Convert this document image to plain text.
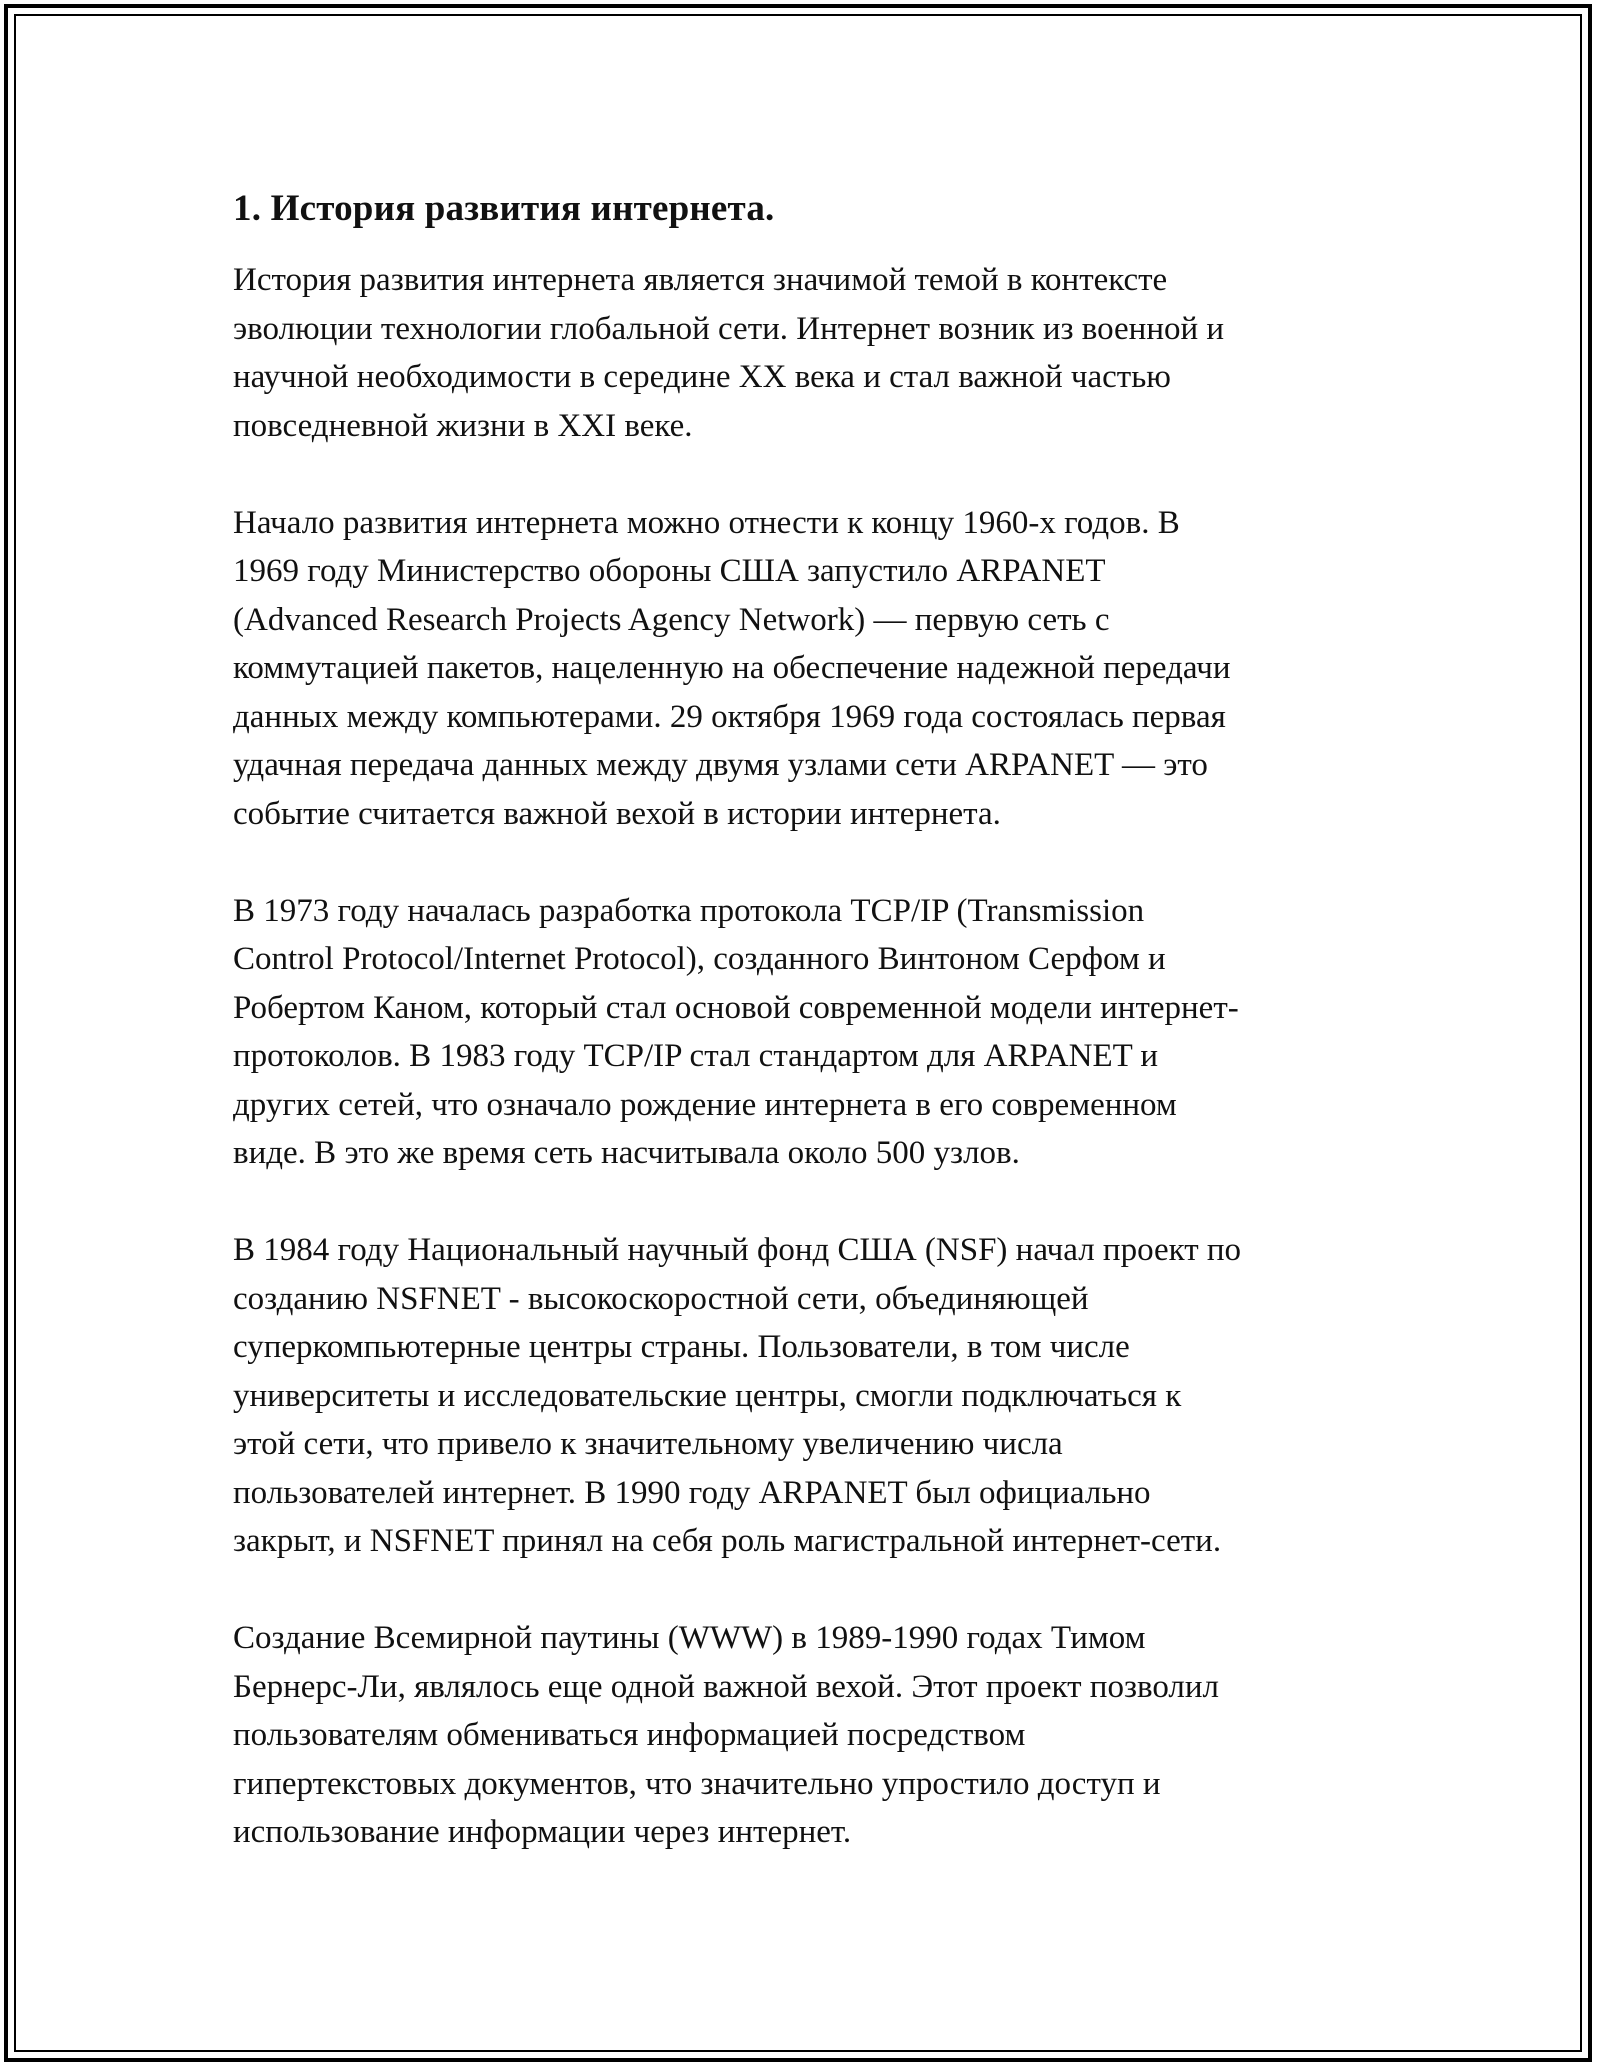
1. История развития интернета.

История развития интернета является значимой темой в контексте
эволюции технологии глобальной сети. Интернет возник из военной и
научной необходимости в середине XX века и стал важной частью
повседневной жизни в XXI веке.

Начало развития интернета можно отнести к концу 1960-х годов. В
1969 году Министерство обороны США запустило ARPANET
(Advanced Research Projects Agency Network) — первую сеть с
коммутацией пакетов, нацеленную на обеспечение надежной передачи
данных между компьютерами. 29 октября 1969 года состоялась первая
удачная передача данных между двумя узлами сети ARPANET — это
событие считается важной вехой в истории интернета.

В 1973 году началась разработка протокола TCP/IP (Transmission
Control Protocol/Internet Protocol), созданного Винтоном Серфом и
Робертом Каном, который стал основой современной модели интернет-
протоколов. В 1983 году TCP/IP стал стандартом для ARPANET и
других сетей, что означало рождение интернета в его современном
виде. В это же время сеть насчитывала около 500 узлов.

В 1984 году Национальный научный фонд США (NSF) начал проект по
созданию NSFNET - высокоскоростной сети, объединяющей
суперкомпьютерные центры страны. Пользователи, в том числе
университеты и исследовательские центры, смогли подключаться к
этой сети, что привело к значительному увеличению числа
пользователей интернет. В 1990 году ARPANET был официально
закрыт, и NSFNET принял на себя роль магистральной интернет-сети.

Создание Всемирной паутины (WWW) в 1989-1990 годах Тимом
Бернерс-Ли, являлось еще одной важной вехой. Этот проект позволил
пользователям обмениваться информацией посредством
гипертекстовых документов, что значительно упростило доступ и
использование информации через интернет.
